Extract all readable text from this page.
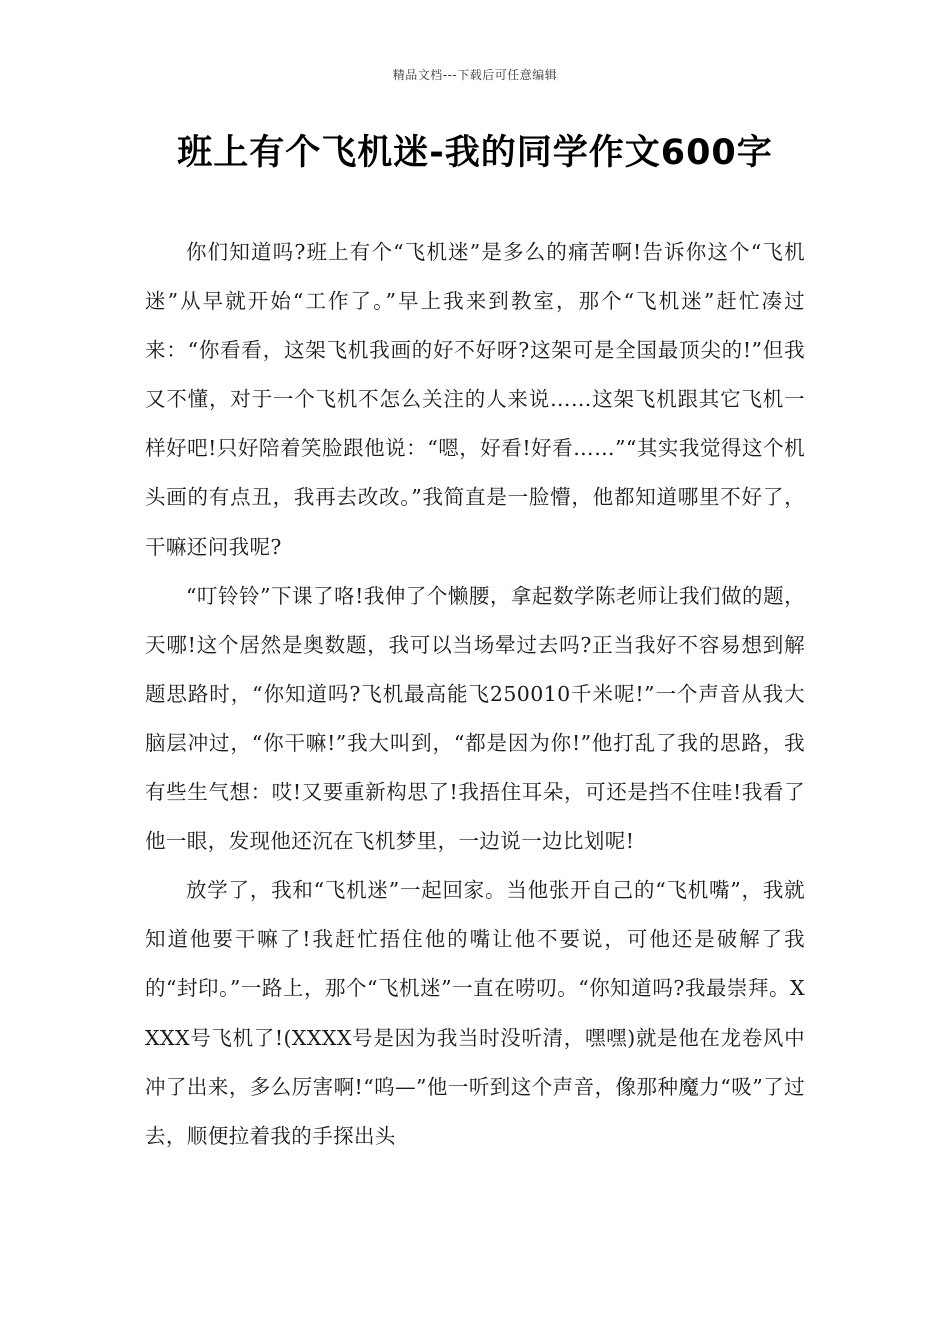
精品文档---下载后可任意编辑
班上有个飞机迷-我的同学作文600字

你们知道吗?班上有个“飞机迷”是多么的痛苦啊!告诉你这个“飞机迷”从早就开始“工作了。”早上我来到教室，那个“飞机迷”赶忙凑过来：“你看看，这架飞机我画的好不好呀?这架可是全国最顶尖的!”但我又不懂，对于一个飞机不怎么关注的人来说……这架飞机跟其它飞机一样好吧!只好陪着笑脸跟他说：“嗯，好看!好看……”“其实我觉得这个机头画的有点丑，我再去改改。”我简直是一脸懵，他都知道哪里不好了，干嘛还问我呢?

“叮铃铃”下课了咯!我伸了个懒腰，拿起数学陈老师让我们做的题，天哪!这个居然是奥数题，我可以当场晕过去吗?正当我好不容易想到解题思路时，“你知道吗?飞机最高能飞250010千米呢!”一个声音从我大脑层冲过，“你干嘛!”我大叫到，“都是因为你!”他打乱了我的思路，我有些生气想：哎!又要重新构思了!我捂住耳朵，可还是挡不住哇!我看了他一眼，发现他还沉在飞机梦里，一边说一边比划呢!

放学了，我和“飞机迷”一起回家。当他张开自己的“飞机嘴”，我就知道他要干嘛了!我赶忙捂住他的嘴让他不要说，可他还是破解了我的“封印。”一路上，那个“飞机迷”一直在唠叨。“你知道吗?我最崇拜。XXXX号飞机了!(XXXX号是因为我当时没听清，嘿嘿)就是他在龙卷风中冲了出来，多么厉害啊!“呜—”他一听到这个声音，像那种魔力“吸”了过去，顺便拉着我的手探出头
